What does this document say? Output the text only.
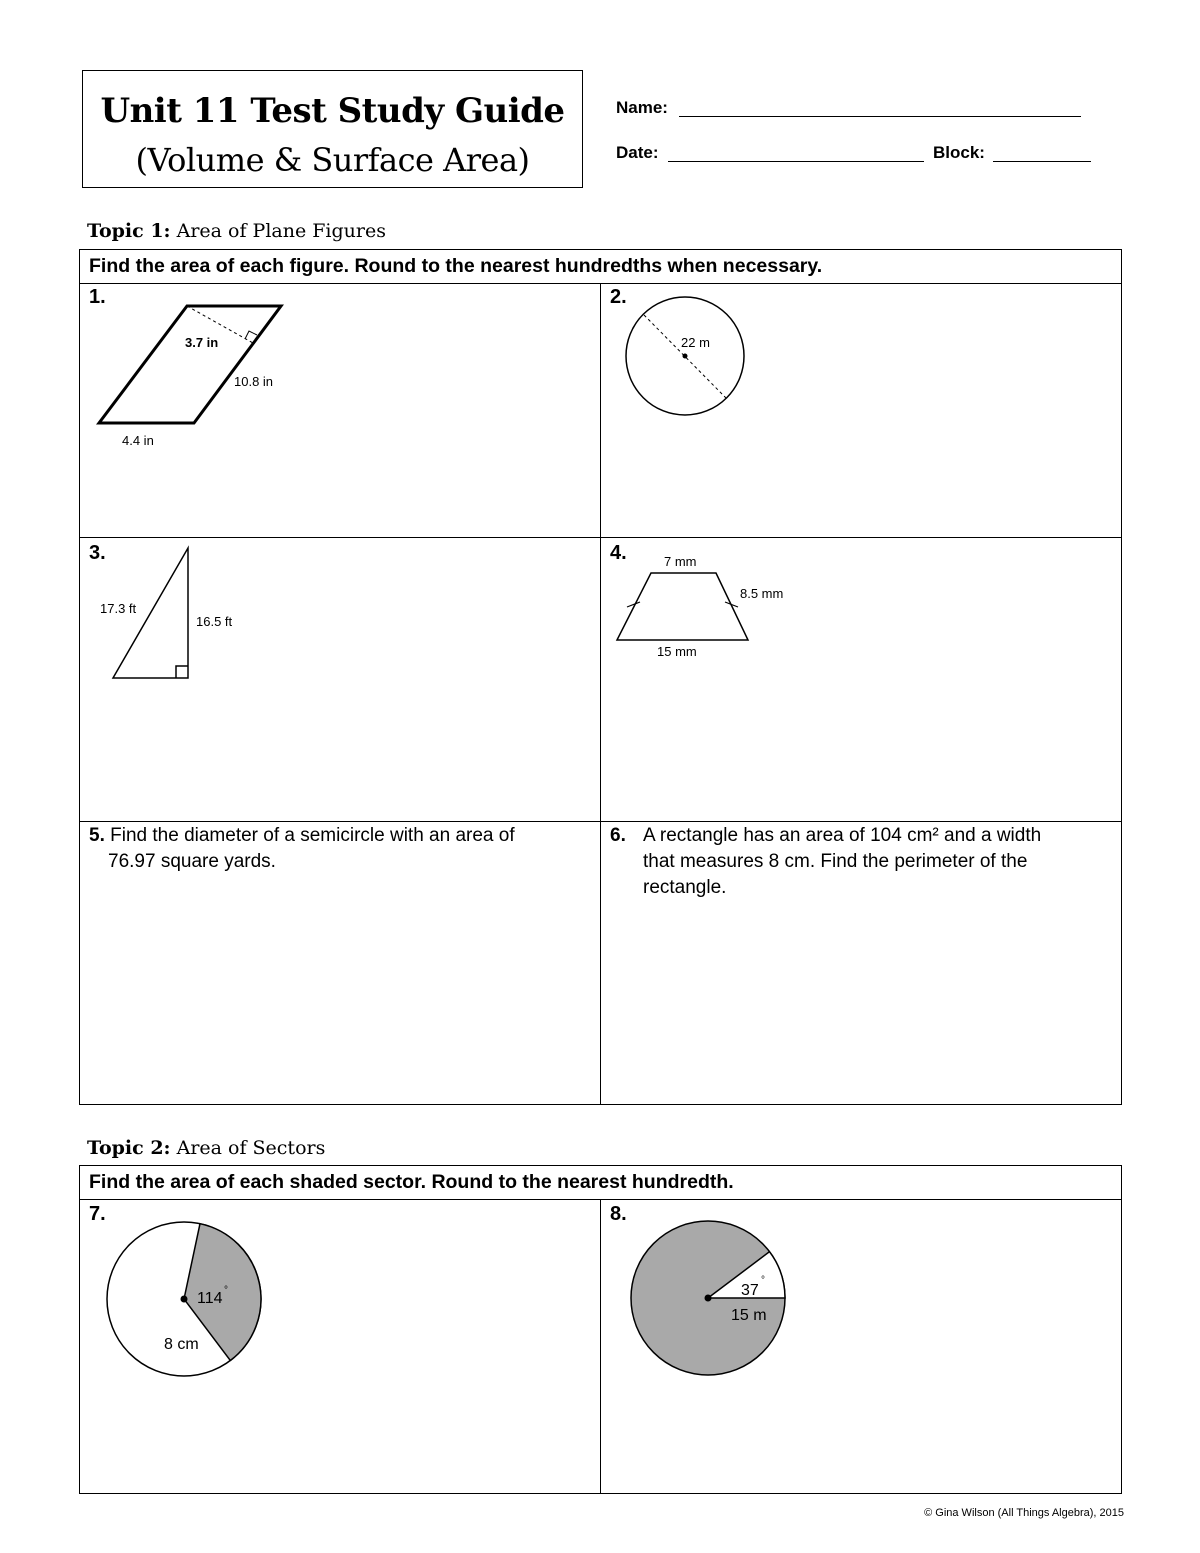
Unit 11 Test Study Guide
(Volume & Surface Area)
Name:
Date:	Block:
Topic 1: Area of Plane Figures
Find the area of each figure. Round to the nearest hundredths when necessary.
1.	2.
3.	4.
3.7 in
10.8 in
4.4 in
22 m
17.3 ft
16.5 ft
7 mm
8.5 mm
15 mm
5. Find the diameter of a semicircle with an area of
76.97 square yards.
6. A rectangle has an area of 104 cm² and a width
that measures 8 cm. Find the perimeter of the
rectangle.
Topic 2: Area of Sectors
Find the area of each shaded sector. Round to the nearest hundredth.
7.	8.
114 °
8 cm
37
°
15 m
© Gina Wilson (All Things Algebra), 2015
